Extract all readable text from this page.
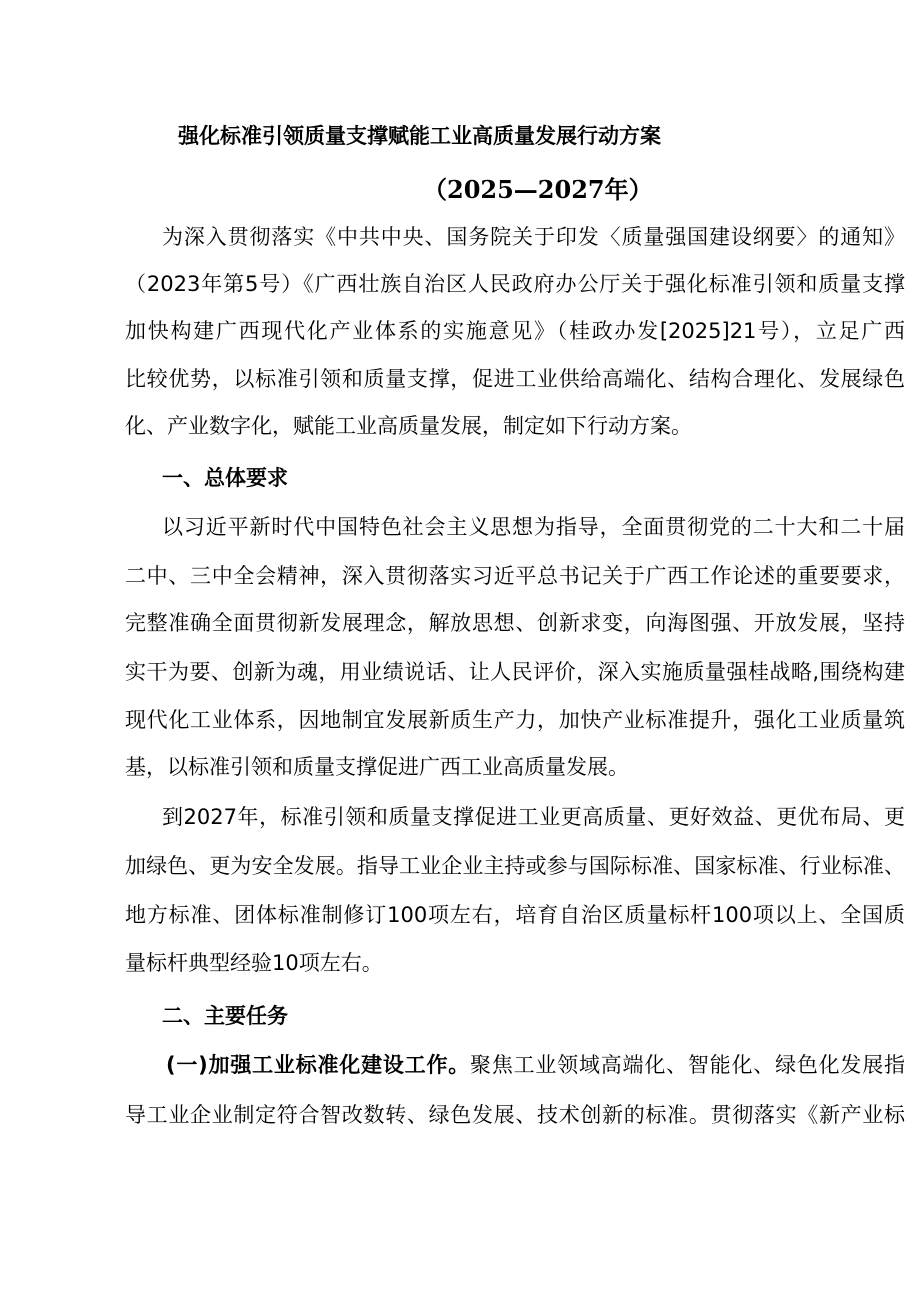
强化标准引领质量支撑赋能工业高质量发展行动方案
（2025—2027年）
为深入贯彻落实《中共中央、国务院关于印发〈质量强国建设纲要〉的通知》
（2023年第5号）《广西壮族自治区人民政府办公厅关于强化标准引领和质量支撑
加快构建广西现代化产业体系的实施意见》（桂政办发[2025]21号），立足广西
比较优势，以标准引领和质量支撑，促进工业供给高端化、结构合理化、发展绿色
化、产业数字化，赋能工业高质量发展，制定如下行动方案。
一、总体要求
以习近平新时代中国特色社会主义思想为指导，全面贯彻党的二十大和二十届
二中、三中全会精神，深入贯彻落实习近平总书记关于广西工作论述的重要要求，
完整准确全面贯彻新发展理念，解放思想、创新求变，向海图强、开放发展，坚持
实干为要、创新为魂，用业绩说话、让人民评价，深入实施质量强桂战略,围绕构建
现代化工业体系，因地制宜发展新质生产力，加快产业标准提升，强化工业质量筑
基，以标准引领和质量支撑促进广西工业高质量发展。
到2027年，标准引领和质量支撑促进工业更高质量、更好效益、更优布局、更
加绿色、更为安全发展。指导工业企业主持或参与国际标准、国家标准、行业标准、
地方标准、团体标准制修订100项左右，培育自治区质量标杆100项以上、全国质
量标杆典型经验10项左右。
二、主要任务
(一)加强工业标准化建设工作。聚焦工业领域高端化、智能化、绿色化发展指
导工业企业制定符合智改数转、绿色发展、技术创新的标准。贯彻落实《新产业标
